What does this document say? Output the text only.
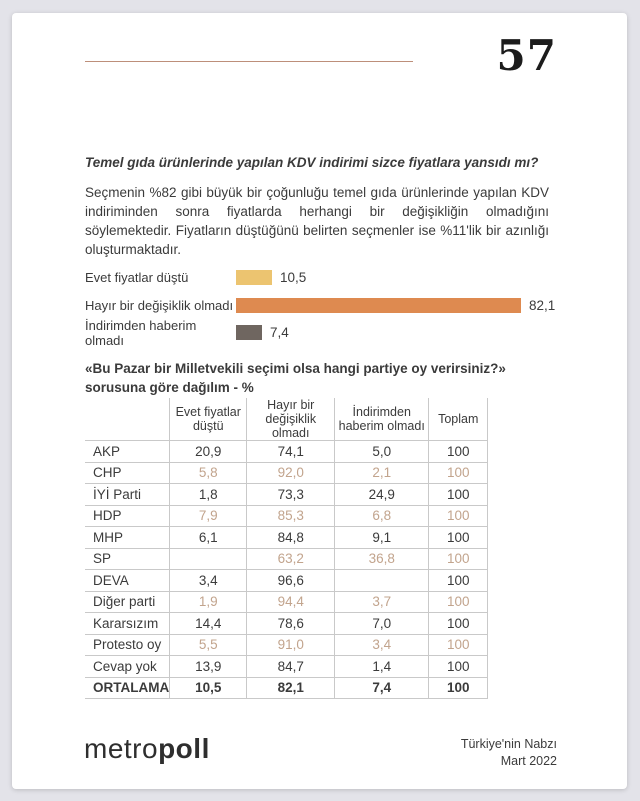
57
Temel gıda ürünlerinde yapılan KDV indirimi sizce fiyatlara yansıdı mı?

Seçmenin %82 gibi büyük bir çoğunluğu temel gıda ürünlerinde yapılan KDV indiriminden sonra fiyatlarda herhangi bir değişikliğin olmadığını söylemektedir. Fiyatların düştüğünü belirten seçmenler ise %11'lik bir azınlığı oluşturmaktadır.

Evet fiyatlar düştü	10,5
Hayır bir değişiklik olmadı	82,1
İndirimden haberim olmadı	7,4
«Bu Pazar bir Milletvekili seçimi olsa hangi partiye oy verirsiniz?» sorusuna göre dağılım - %
	Evet fiyatlar düştü	Hayır bir değişiklik olmadı	İndirimden haberim olmadı	Toplam
AKP	20,9	74,1	5,0	100
CHP	5,8	92,0	2,1	100
İYİ Parti	1,8	73,3	24,9	100
HDP	7,9	85,3	6,8	100
MHP	6,1	84,8	9,1	100
SP		63,2	36,8	100
DEVA	3,4	96,6		100
Diğer parti	1,9	94,4	3,7	100
Kararsızım	14,4	78,6	7,0	100
Protesto oy	5,5	91,0	3,4	100
Cevap yok	13,9	84,7	1,4	100
ORTALAMA	10,5	82,1	7,4	100
metropoll	Türkiye'nin Nabzı
Mart 2022
